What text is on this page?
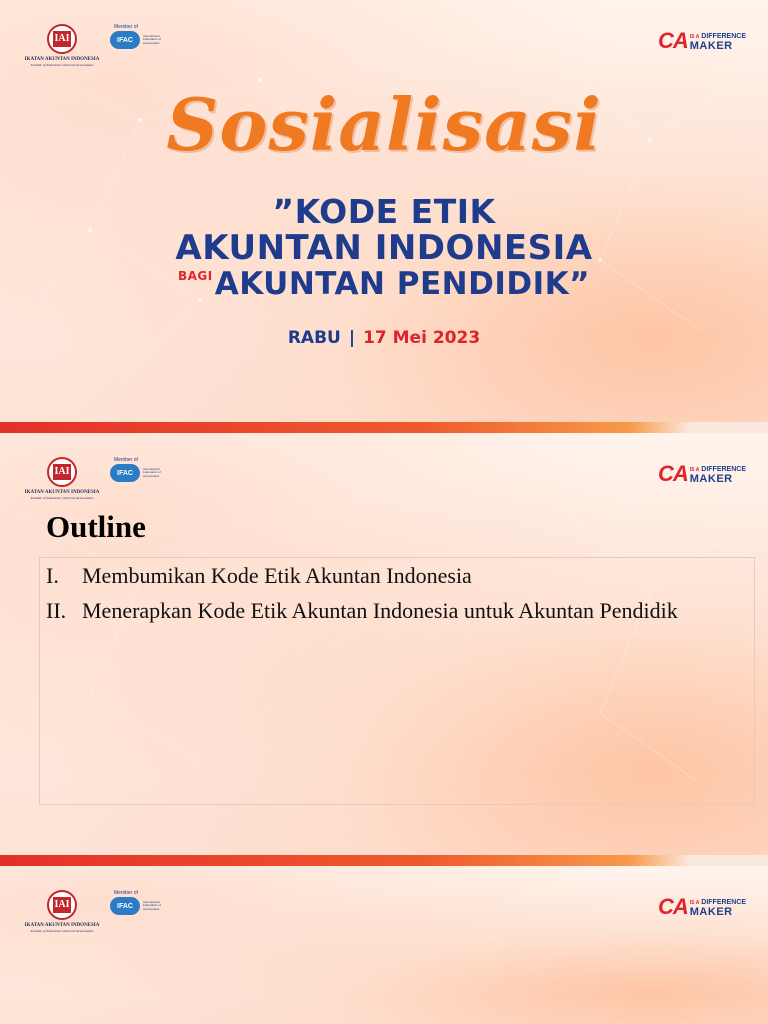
IAI
IKATAN AKUNTAN INDONESIA
Institute of Indonesia Chartered Accountants
Member of
IFAC
International Federation of Accountants	CA IS A DIFFERENCE
MAKER
Sosialisasi
”KODE ETIK
AKUNTAN INDONESIA
$^{BAGI}$AKUNTAN PENDIDIK”
RABU | 17 Mei 2023
IAI
IKATAN AKUNTAN INDONESIA
Institute of Indonesia Chartered Accountants
Member of
IFAC
International Federation of Accountants	CA IS A DIFFERENCE
MAKER
Outline
I. Membumikan Kode Etik Akuntan Indonesia
II. Menerapkan Kode Etik Akuntan Indonesia untuk Akuntan Pendidik
IAI
IKATAN AKUNTAN INDONESIA
Institute of Indonesia Chartered Accountants
Member of
IFAC
International Federation of Accountants	CA IS A DIFFERENCE
MAKER
